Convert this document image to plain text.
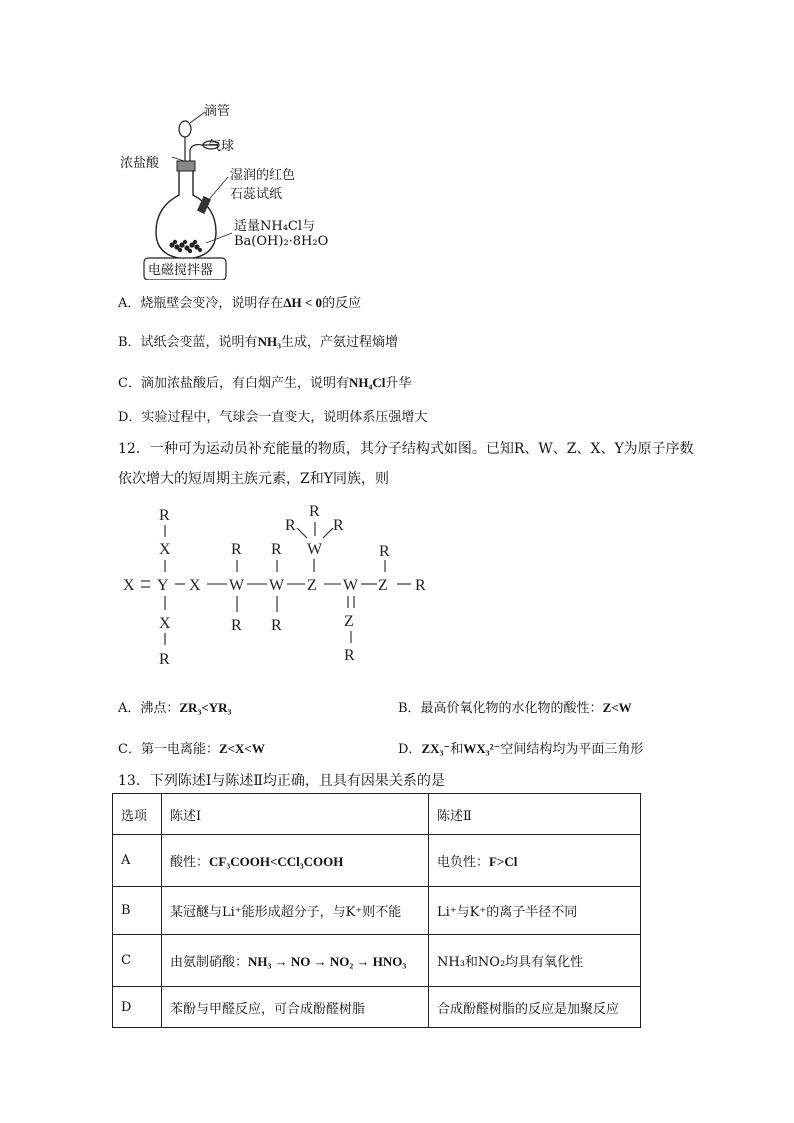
滴管
气球
浓盐酸
湿润的红色
石蕊试纸
适量NH₄Cl与
Ba(OH)₂·8H₂O
电磁搅拌器
A．烧瓶壁会变冷，说明存在ΔH < 0的反应
B．试纸会变蓝，说明有NH₃生成，产氨过程熵增
C．滴加浓盐酸后，有白烟产生，说明有NH₄Cl升华
D．实验过程中，气球会一直变大，说明体系压强增大
12．一种可为运动员补充能量的物质，其分子结构式如图。已知R、W、Z、X、Y为原子序数
依次增大的短周期主族元素，Z和Y同族，则
X Y X W W Z W Z R
X
R
X
R
R
R
R
R
W
R
R
R
Z
R
R
A．沸点：ZR₃<YR₃	B．最高价氧化物的水化物的酸性：Z<W
C．第一电离能：Z<X<W	D．ZX₃⁻和WX₃²⁻空间结构均为平面三角形
13．下列陈述Ⅰ与陈述Ⅱ均正确，且具有因果关系的是
选项	陈述Ⅰ	陈述Ⅱ
A	酸性：CF₃COOH<CCl₃COOH	电负性：F>Cl
B	某冠醚与Li⁺能形成超分子，与K⁺则不能	Li⁺与K⁺的离子半径不同
C	由氨制硝酸：NH₃ → NO → NO₂ → HNO₃	NH₃和NO₂均具有氧化性
D	苯酚与甲醛反应，可合成酚醛树脂	合成酚醛树脂的反应是加聚反应
